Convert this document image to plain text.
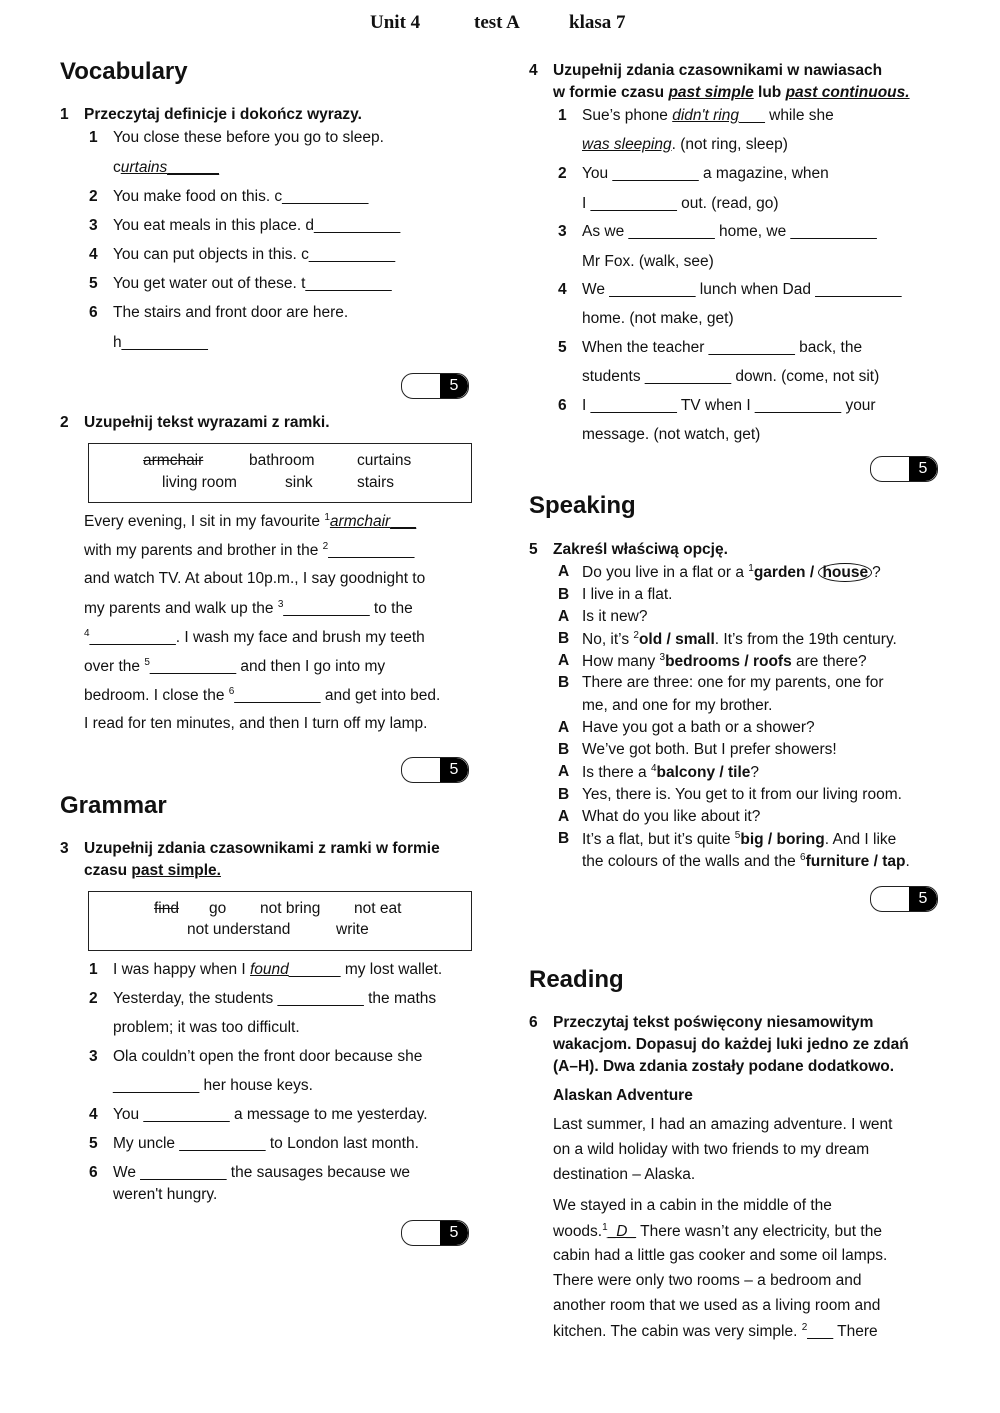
Unit 4	test A	klasa 7
Vocabulary
1 Przeczytaj definicje i dokończ wyrazy.
1 You close these before you go to sleep.
curtains______
2 You make food on this. c__________
3 You eat meals in this place. d__________
4 You can put objects in this. c__________
5 You get water out of these. t__________
6 The stairs and front door are here.
h__________
5
2 Uzupełnij tekst wyrazami z ramki.
armchair	bathroom	curtains
living room	sink	stairs
Every evening, I sit in my favourite $^1$armchair___
with my parents and brother in the $^2$__________
and watch TV. At about 10p.m., I say goodnight to
my parents and walk up the $^3$__________ to the
$^4$__________. I wash my face and brush my teeth
over the $^5$__________ and then I go into my
bedroom. I close the $^6$__________ and get into bed.
I read for ten minutes, and then I turn off my lamp.
5
Grammar
3 Uzupełnij zdania czasownikami z ramki w formie
czasu past simple.
find go not bring not eat
not understand	write
1 I was happy when I found______ my lost wallet.
2 Yesterday, the students __________ the maths
problem; it was too difficult.
3 Ola couldn’t open the front door because she
__________ her house keys.
4 You __________ a message to me yesterday.
5 My uncle __________ to London last month.
6 We __________ the sausages because we
weren't hungry.
5
4 Uzupełnij zdania czasownikami w nawiasach
w formie czasu past simple lub past continuous.
1 Sue’s phone didn't ring___ while she
was sleeping. (not ring, sleep)
2 You __________ a magazine, when
I __________ out. (read, go)
3 As we __________ home, we __________
Mr Fox. (walk, see)
4 We __________ lunch when Dad __________
home. (not make, get)
5 When the teacher __________ back, the
students __________ down. (come, not sit)
6 I __________ TV when I __________ your
message. (not watch, get)
5
Speaking
5 Zakreśl właściwą opcję.
A Do you live in a flat or a $^1$garden / house ?
B I live in a flat.
A Is it new?
B No, it’s $^2$old / small. It’s from the 19th century.
A How many $^3$bedrooms / roofs are there?
B There are three: one for my parents, one for
me, and one for my brother.
A Have you got a bath or a shower?
B We’ve got both. But I prefer showers!
A Is there a $^4$balcony / tile?
B Yes, there is. You get to it from our living room.
A What do you like about it?
B It’s a flat, but it’s quite $^5$big / boring. And I like
the colours of the walls and the $^6$furniture / tap.
5
Reading
6 Przeczytaj tekst poświęcony niesamowitym
wakacjom. Dopasuj do każdej luki jedno ze zdań
(A–H). Dwa zdania zostały podane dodatkowo.
Alaskan Adventure
Last summer, I had an amazing adventure. I went
on a wild holiday with two friends to my dream
destination – Alaska.
We stayed in a cabin in the middle of the
woods.$^1$_D_ There wasn’t any electricity, but the
cabin had a little gas cooker and some oil lamps.
There were only two rooms – a bedroom and
another room that we used as a living room and
kitchen. The cabin was very simple. $^2$___ There
